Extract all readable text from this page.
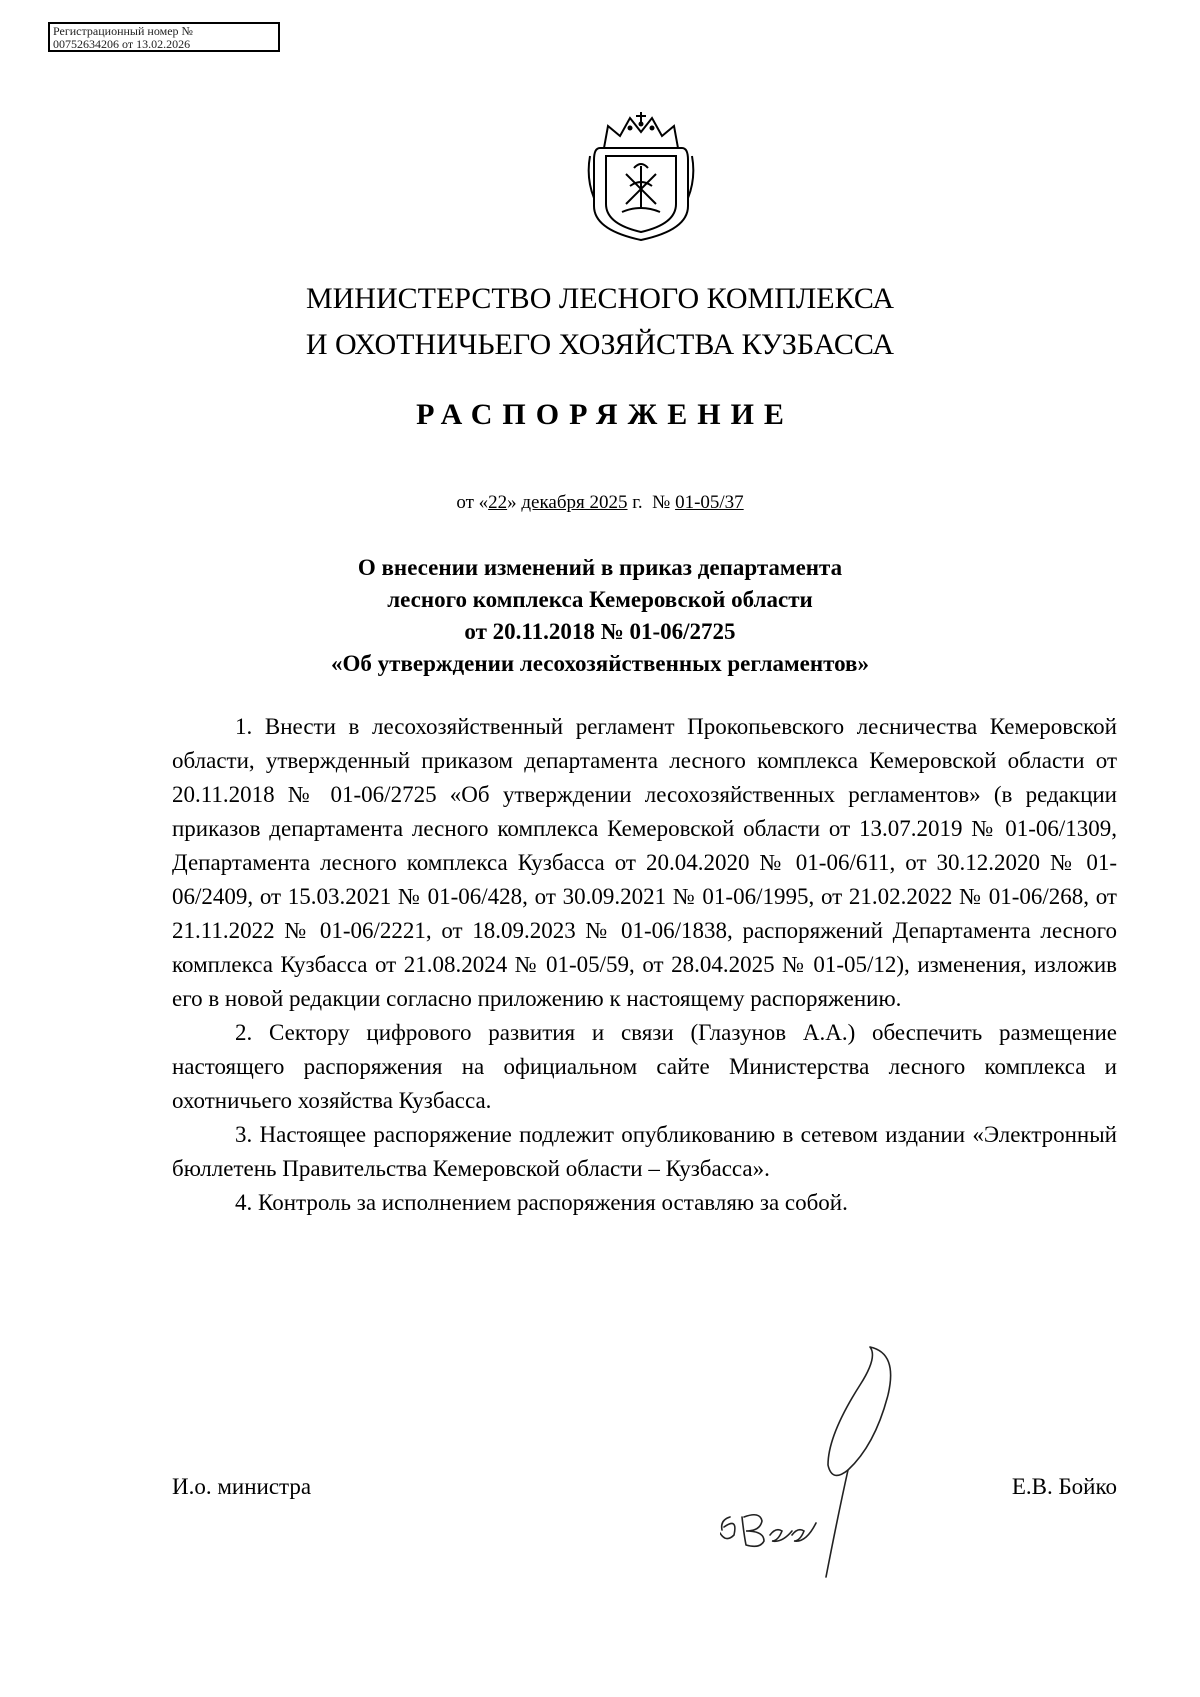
Регистрационный номер №
00752634206 от 13.02.2026
МИНИСТЕРСТВО ЛЕСНОГО КОМПЛЕКСА
И ОХОТНИЧЬЕГО ХОЗЯЙСТВА КУЗБАССА
РАСПОРЯЖЕНИЕ
от «22» декабря 2025 г.  № 01-05/37
О внесении изменений в приказ департамента
лесного комплекса Кемеровской области
от 20.11.2018 № 01-06/2725
«Об утверждении лесохозяйственных регламентов»

1. Внести в лесохозяйственный регламент Прокопьевского лесничества Кемеровской области, утвержденный приказом департамента лесного комплекса Кемеровской области от 20.11.2018 № 01-06/2725 «Об утверждении лесохозяйственных регламентов» (в редакции приказов департамента лесного комплекса Кемеровской области от 13.07.2019 № 01-06/1309, Департамента лесного комплекса Кузбасса от 20.04.2020 № 01-06/611, от 30.12.2020 № 01-06/2409, от 15.03.2021 № 01-06/428, от 30.09.2021 № 01-06/1995, от 21.02.2022 № 01-06/268, от 21.11.2022 № 01-06/2221, от 18.09.2023 № 01-06/1838, распоряжений Департамента лесного комплекса Кузбасса от 21.08.2024 № 01-05/59, от 28.04.2025 № 01-05/12), изменения, изложив его в новой редакции согласно приложению к настоящему распоряжению.

2. Сектору цифрового развития и связи (Глазунов А.А.) обеспечить размещение настоящего распоряжения на официальном сайте Министерства лесного комплекса и охотничьего хозяйства Кузбасса.

3. Настоящее распоряжение подлежит опубликованию в сетевом издании «Электронный бюллетень Правительства Кемеровской области – Кузбасса».

4. Контроль за исполнением распоряжения оставляю за собой.

И.о. министра	Е.В. Бойко
